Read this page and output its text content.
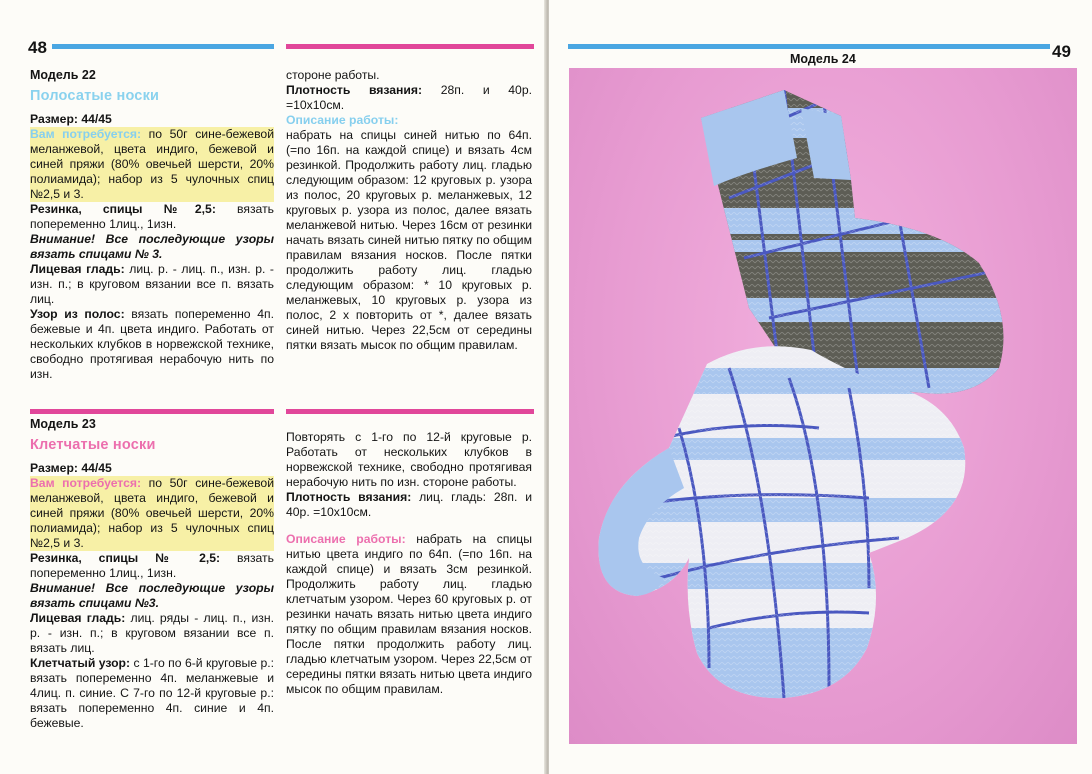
48
Модель 22
Полосатые носки

Размер: 44/45

Вам потребуется: по 50г сине-бежевой меланжевой, цвета индиго, бежевой и синей пряжи (80% овечьей шерсти, 20% полиамида); набор из 5 чулочных спиц №2,5 и 3.

Резинка, спицы №2,5: вязать попеременно 1лиц., 1изн.

Внимание! Все последующие узоры вязать спицами № 3.

Лицевая гладь: лиц. р. - лиц. п., изн. р. - изн. п.; в круговом вязании все п. вязать лиц.

Узор из полос: вязать попеременно 4п. бежевые и 4п. цвета индиго. Работать от нескольких клубков в норвежской технике, свободно протягивая нерабочую нить по изн.

стороне работы.

Плотность вязания: 28п. и 40р. =10х10см.

Описание работы:

набрать на спицы синей нитью по 64п. (=по 16п. на каждой спице) и вязать 4см резинкой. Продолжить работу лиц. гладью следующим образом: 12 круговых р. узора из полос, 20 круговых р. меланжевых, 12 круговых р. узора из полос, далее вязать меланжевой нитью. Через 16см от резинки начать вязать синей нитью пятку по общим правилам вязания носков. После пятки продолжить работу лиц. гладью следующим образом: * 10 круговых р. меланжевых, 10 круговых р. узора из полос, 2 х повторить от *, далее вязать синей нитью. Через 22,5см от середины пятки вязать мысок по общим правилам.

Модель 23
Клетчатые носки

Размер: 44/45

Вам потребуется: по 50г сине-бежевой меланжевой, цвета индиго, бежевой и синей пряжи (80% овечьей шерсти, 20% полиамида); набор из 5 чулочных спиц №2,5 и 3.

Резинка, спицы № 2,5: вязать попеременно 1лиц., 1изн.

Внимание! Все последующие узоры вязать спицами №3.

Лицевая гладь: лиц. ряды - лиц. п., изн. р. - изн. п.; в круговом вязании все п. вязать лиц.

Клетчатый узор: с 1-го по 6-й круговые р.: вязать попеременно 4п. меланжевые и 4лиц. п. синие. С 7-го по 12-й круговые р.: вязать попеременно 4п. синие и 4п. бежевые.

Повторять с 1-го по 12-й круговые р. Работать от нескольких клубков в норвежской технике, свободно протягивая нерабочую нить по изн. стороне работы.

Плотность вязания: лиц. гладь: 28п. и 40р. =10х10см.

Описание работы: набрать на спицы нитью цвета индиго по 64п. (=по 16п. на каждой спице) и вязать 3см резинкой. Продолжить работу лиц. гладью клетчатым узором. Через 60 круговых р. от резинки начать вязать нитью цвета индиго пятку по общим правилам вязания носков. После пятки продолжить работу лиц. гладью клетчатым узором. Через 22,5см от середины пятки вязать нитью цвета индиго мысок по общим правилам.

49
Модель 24
